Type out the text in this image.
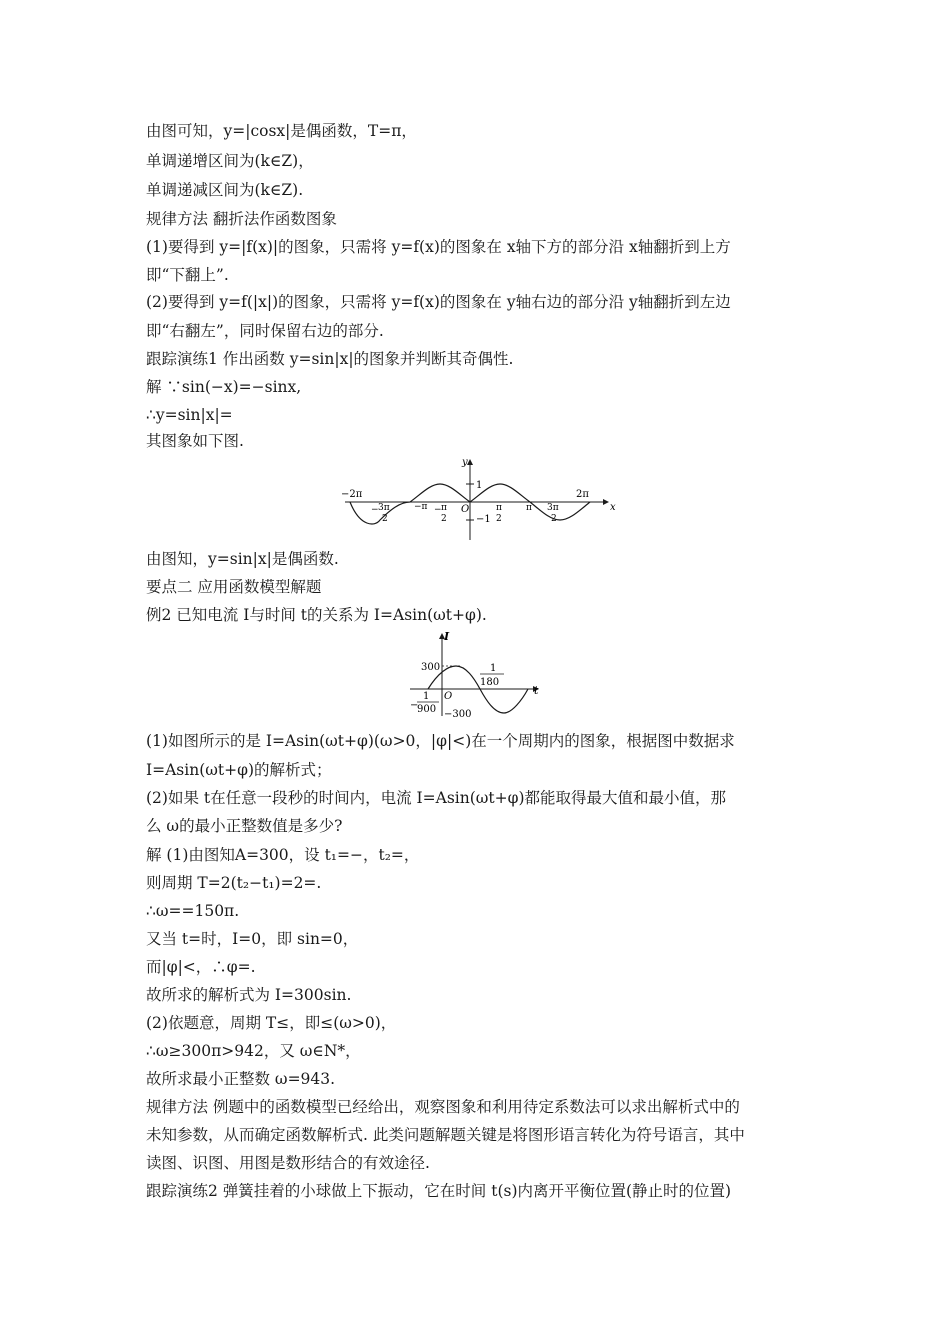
由图可知，y=|cosx|是偶函数，T=π，
单调递增区间为(k∈Z)，
单调递减区间为(k∈Z).
规律方法 翻折法作函数图象
(1)要得到 y=|f(x)|的图象，只需将 y=f(x)的图象在 x轴下方的部分沿 x轴翻折到上方
即“下翻上”.
(2)要得到 y=f(|x|)的图象，只需将 y=f(x)的图象在 y轴右边的部分沿 y轴翻折到左边
即“右翻左”，同时保留右边的部分.
跟踪演练1 作出函数 y=sin|x|的图象并判断其奇偶性.
解 ∵sin(−x)=−sinx,
∴y=sin|x|=
其图象如下图.
−2π	2π
x
y
O
1
−1
− 3π
2
−π − π
2
π
2
π 3π
2
由图知，y=sin|x|是偶函数.
要点二 应用函数模型解题
例2 已知电流 I与时间 t的关系为 I=Asin(ωt+φ).
I
t
300
O
−300
−
1
900
1
180
(1)如图所示的是 I=Asin(ωt+φ)(ω>0，|φ|<)在一个周期内的图象，根据图中数据求
I=Asin(ωt+φ)的解析式；
(2)如果 t在任意一段秒的时间内，电流 I=Asin(ωt+φ)都能取得最大值和最小值，那
么 ω的最小正整数值是多少?
解 (1)由图知A=300，设 t₁=−，t₂=，
则周期 T=2(t₂−t₁)=2=.
∴ω==150π.
又当 t=时，I=0，即 sin=0，
而|φ|<，∴φ=.
故所求的解析式为 I=300sin.
(2)依题意，周期 T≤，即≤(ω>0)，
∴ω≥300π>942，又 ω∈N*，
故所求最小正整数 ω=943.
规律方法 例题中的函数模型已经给出，观察图象和利用待定系数法可以求出解析式中的
未知参数，从而确定函数解析式. 此类问题解题关键是将图形语言转化为符号语言，其中
读图、识图、用图是数形结合的有效途径.
跟踪演练2 弹簧挂着的小球做上下振动，它在时间 t(s)内离开平衡位置(静止时的位置)
